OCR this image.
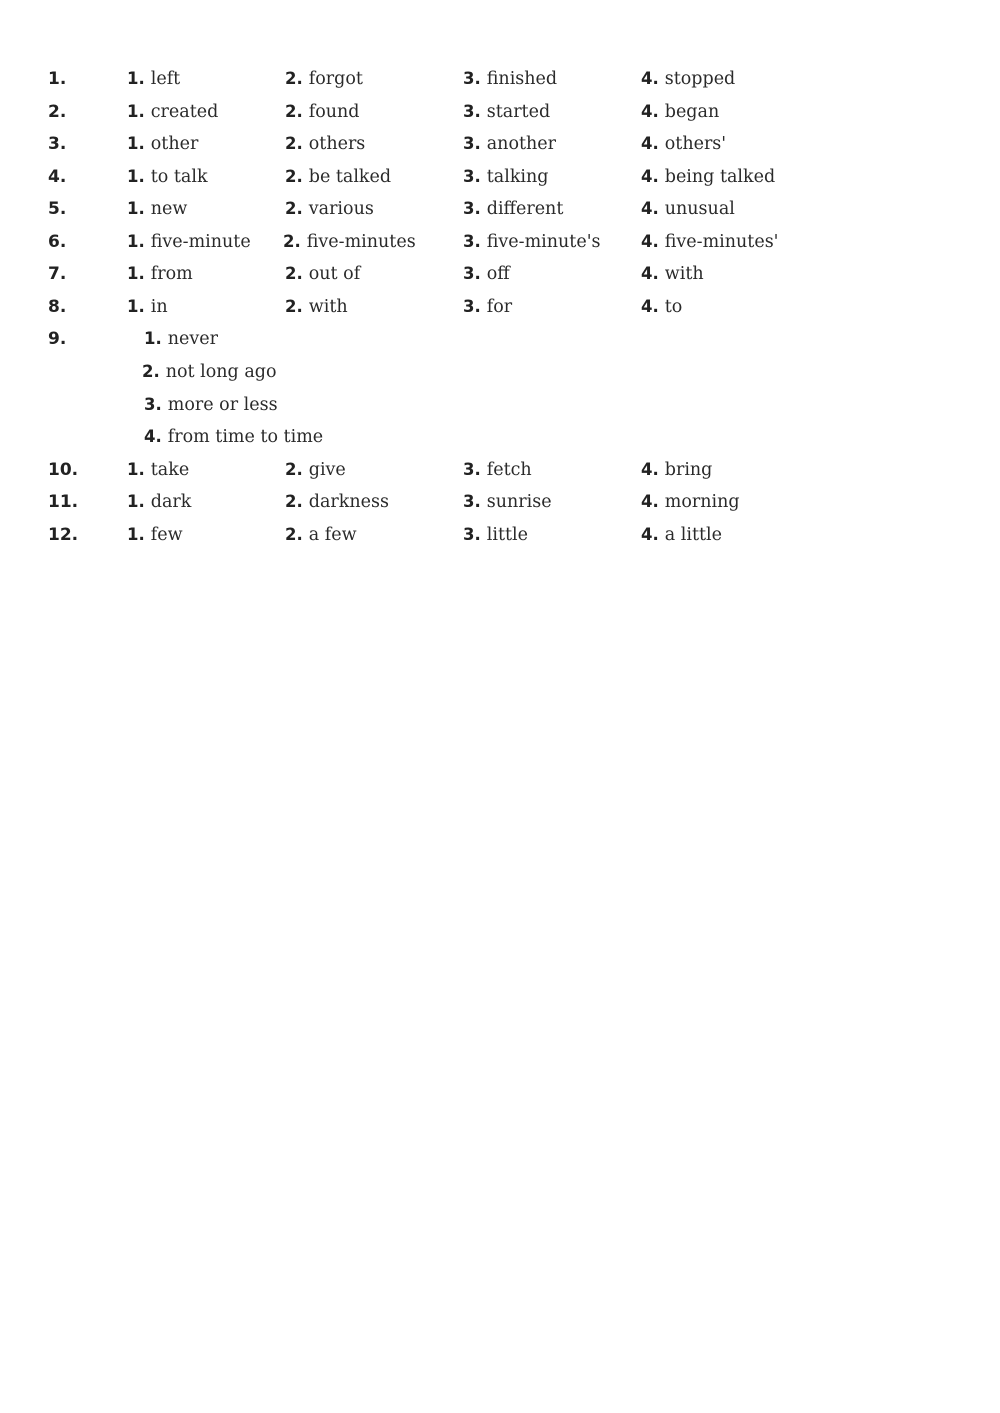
1.	1. left	2. forgot	3. finished	4. stopped
2.	1. created	2. found	3. started	4. began
3.	1. other	2. others	3. another	4. others'
4.	1. to talk	2. be talked	3. talking	4. being talked
5.	1. new	2. various	3. different	4. unusual
6.	1. five-minute 2. five-minutes	3. five-minute's 4. five-minutes'
7.	1. from	2. out of	3. off	4. with
8.	1. in	2. with	3. for	4. to
9.	1. never
2. not long ago
3. more or less
4. from time to time
10.	1. take	2. give	3. fetch	4. bring
11.	1. dark	2. darkness	3. sunrise	4. morning
12.	1. few	2. a few	3. little	4. a little
